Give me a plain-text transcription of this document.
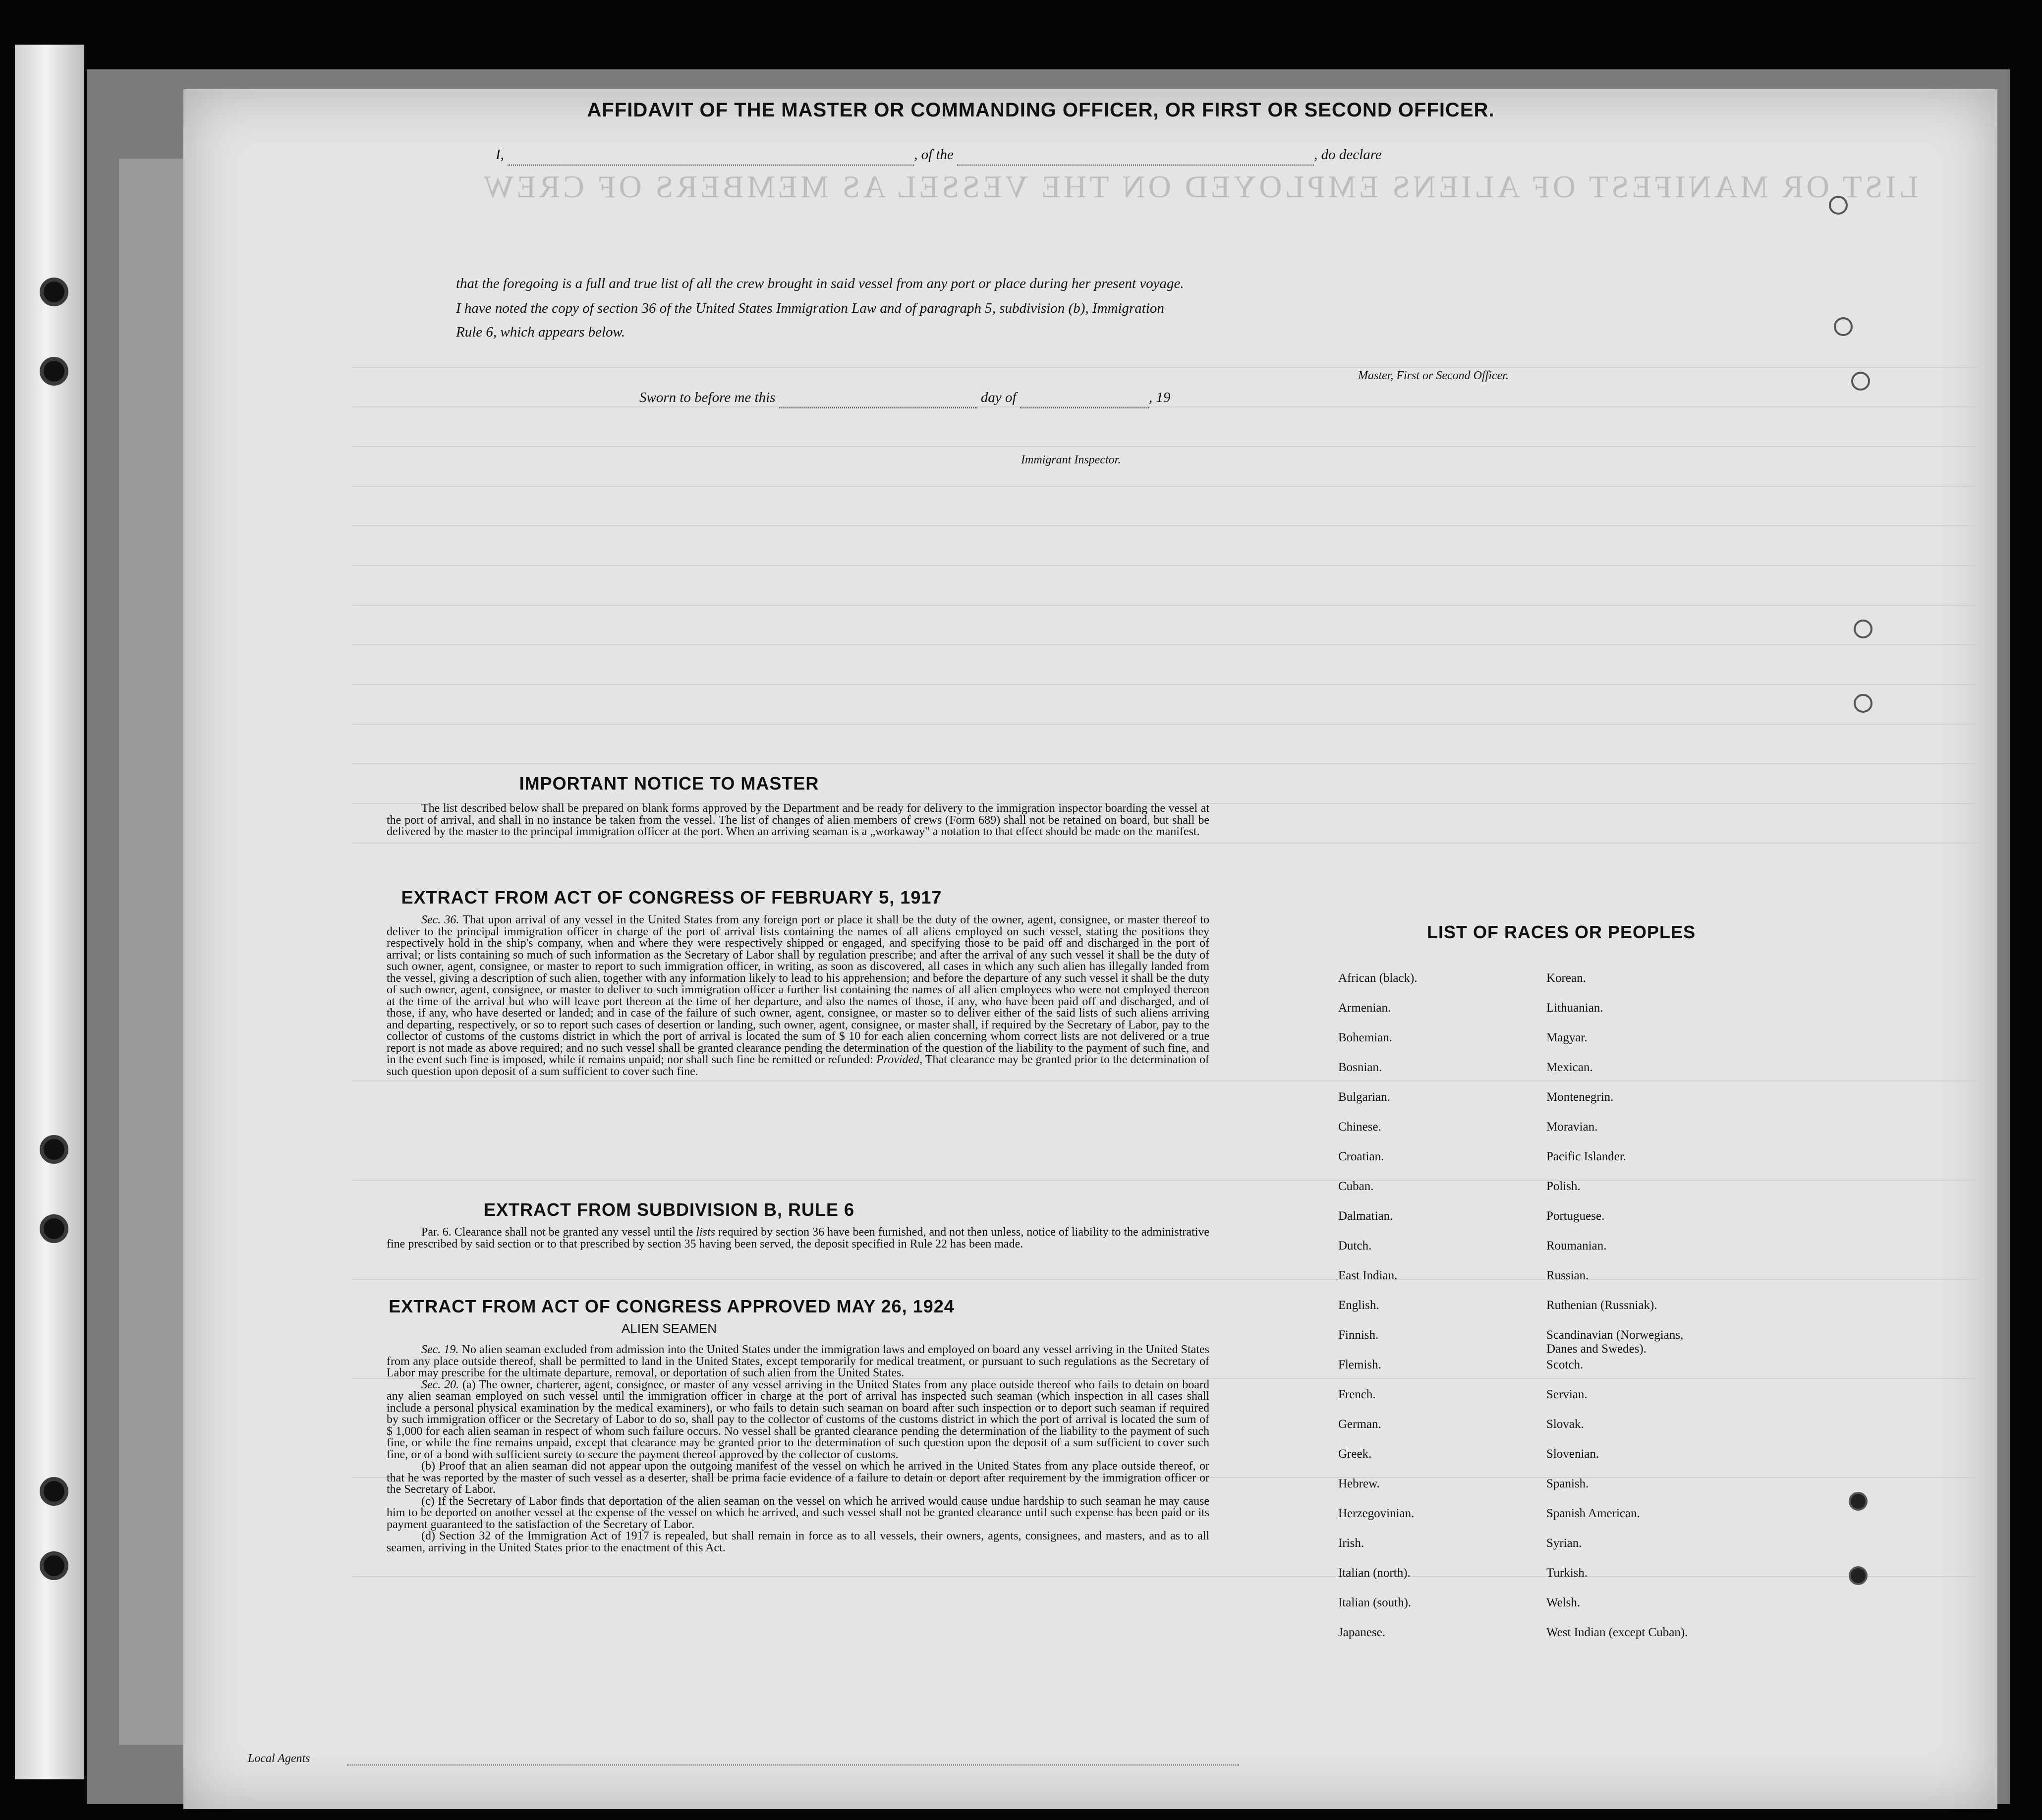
LIST OR MANIFEST OF ALIENS EMPLOYED ON THE VESSEL AS MEMBERS OF CREW
AFFIDAVIT OF THE MASTER OR COMMANDING OFFICER, OR FIRST OR SECOND OFFICER.
I,	, of the	, do declare
that the foregoing is a full and true list of all the crew brought in said vessel from any port or place during her present voyage.
I have noted the copy of section 36 of the United States Immigration Law and of paragraph 5, subdivision (b), Immigration
Rule 6, which appears below.
Master, First or Second Officer.
Sworn to before me this	day of	, 19
Immigrant Inspector.
IMPORTANT NOTICE TO MASTER

The list described below shall be prepared on blank forms approved by the Department and be ready for delivery to the immigration inspector boarding the vessel at the port of arrival, and shall in no instance be taken from the vessel. The list of changes of alien members of crews (Form 689) shall not be retained on board, but shall be delivered by the master to the principal immigration officer at the port. When an arriving seaman is a „workaway" a notation to that effect should be made on the manifest.

EXTRACT FROM ACT OF CONGRESS OF FEBRUARY 5, 1917

Sec. 36. That upon arrival of any vessel in the United States from any foreign port or place it shall be the duty of the owner, agent, consignee, or master thereof to deliver to the principal immigration officer in charge of the port of arrival lists containing the names of all aliens employed on such vessel, stating the positions they respectively hold in the ship's company, when and where they were respectively shipped or engaged, and specifying those to be paid off and discharged in the port of arrival; or lists containing so much of such information as the Secretary of Labor shall by regulation prescribe; and after the arrival of any such vessel it shall be the duty of such owner, agent, consignee, or master to report to such immigration officer, in writing, as soon as discovered, all cases in which any such alien has illegally landed from the vessel, giving a description of such alien, together with any information likely to lead to his apprehension; and before the departure of any such vessel it shall be the duty of such owner, agent, consignee, or master to deliver to such immigration officer a further list containing the names of all alien employees who were not employed thereon at the time of the arrival but who will leave port thereon at the time of her departure, and also the names of those, if any, who have been paid off and discharged, and of those, if any, who have deserted or landed; and in case of the failure of such owner, agent, consignee, or master so to deliver either of the said lists of such aliens arriving and departing, respectively, or so to report such cases of desertion or landing, such owner, agent, consignee, or master shall, if required by the Secretary of Labor, pay to the collector of customs of the customs district in which the port of arrival is located the sum of $ 10 for each alien concerning whom correct lists are not delivered or a true report is not made as above required; and no such vessel shall be granted clearance pending the determination of the question of the liability to the payment of such fine, and in the event such fine is imposed, while it remains unpaid; nor shall such fine be remitted or refunded: Provided, That clearance may be granted prior to the determination of such question upon deposit of a sum sufficient to cover such fine.

EXTRACT FROM SUBDIVISION B, RULE 6

Par. 6. Clearance shall not be granted any vessel until the lists required by section 36 have been furnished, and not then unless, notice of liability to the administrative fine prescribed by said section or to that prescribed by section 35 having been served, the deposit specified in Rule 22 has been made.

EXTRACT FROM ACT OF CONGRESS APPROVED MAY 26, 1924
ALIEN SEAMEN

Sec. 19. No alien seaman excluded from admission into the United States under the immigration laws and employed on board any vessel arriving in the United States from any place outside thereof, shall be permitted to land in the United States, except temporarily for medical treatment, or pursuant to such regulations as the Secretary of Labor may prescribe for the ultimate departure, removal, or deportation of such alien from the United States.

Sec. 20. (a) The owner, charterer, agent, consignee, or master of any vessel arriving in the United States from any place outside thereof who fails to detain on board any alien seaman employed on such vessel until the immigration officer in charge at the port of arrival has inspected such seaman (which inspection in all cases shall include a personal physical examination by the medical examiners), or who fails to detain such seaman on board after such inspection or to deport such seaman if required by such immigration officer or the Secretary of Labor to do so, shall pay to the collector of customs of the customs district in which the port of arrival is located the sum of $ 1,000 for each alien seaman in respect of whom such failure occurs. No vessel shall be granted clearance pending the determination of the liability to the payment of such fine, or while the fine remains unpaid, except that clearance may be granted prior to the determination of such question upon the deposit of a sum sufficient to cover such fine, or of a bond with sufficient surety to secure the payment thereof approved by the collector of customs.

(b) Proof that an alien seaman did not appear upon the outgoing manifest of the vessel on which he arrived in the United States from any place outside thereof, or that he was reported by the master of such vessel as a deserter, shall be prima facie evidence of a failure to detain or deport after requirement by the immigration officer or the Secretary of Labor.

(c) If the Secretary of Labor finds that deportation of the alien seaman on the vessel on which he arrived would cause undue hardship to such seaman he may cause him to be deported on another vessel at the expense of the vessel on which he arrived, and such vessel shall not be granted clearance until such expense has been paid or its payment guaranteed to the satisfaction of the Secretary of Labor.

(d) Section 32 of the Immigration Act of 1917 is repealed, but shall remain in force as to all vessels, their owners, agents, consignees, and masters, and as to all seamen, arriving in the United States prior to the enactment of this Act.

LIST OF RACES OR PEOPLES
African (black).
Armenian.
Bohemian.
Bosnian.
Bulgarian.
Chinese.
Croatian.
Cuban.
Dalmatian.
Dutch.
East Indian.
English.
Finnish.
Flemish.
French.
German.
Greek.
Hebrew.
Herzegovinian.
Irish.
Italian (north).
Italian (south).
Japanese.
Korean.
Lithuanian.
Magyar.
Mexican.
Montenegrin.
Moravian.
Pacific Islander.
Polish.
Portuguese.
Roumanian.
Russian.
Ruthenian (Russniak).
Scandinavian (Norwegians,
Danes and Swedes).
Scotch.
Servian.
Slovak.
Slovenian.
Spanish.
Spanish American.
Syrian.
Turkish.
Welsh.
West Indian (except Cuban).
Local Agents
